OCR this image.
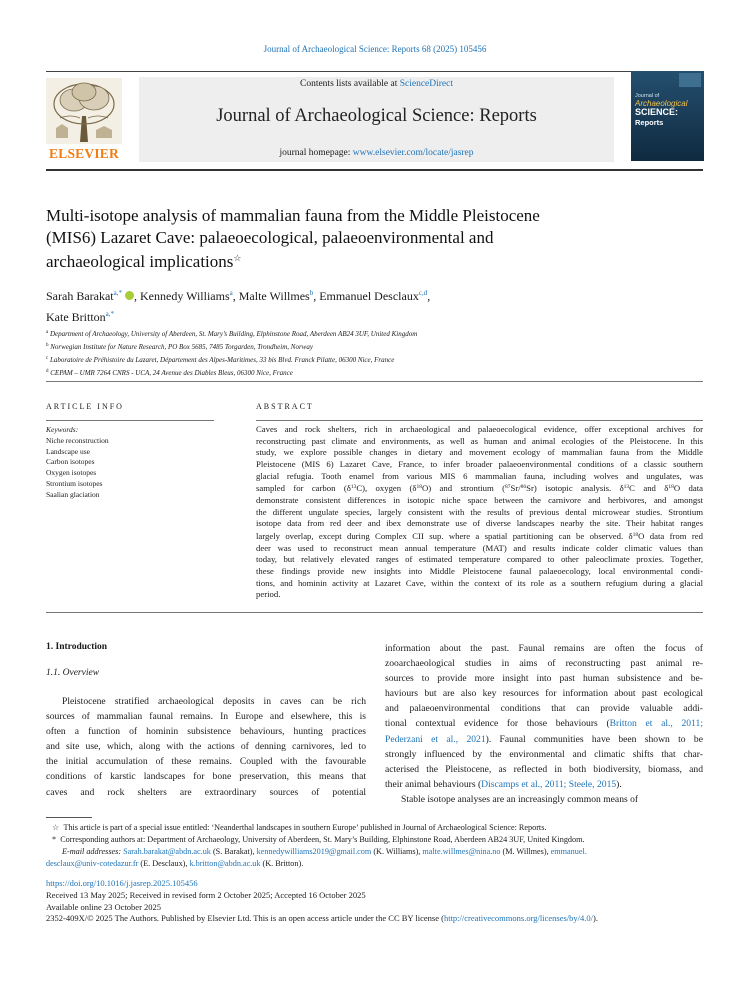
Journal of Archaeological Science: Reports 68 (2025) 105456
ELSEVIER
Contents lists available at ScienceDirect
Journal of Archaeological Science: Reports
journal homepage: www.elsevier.com/locate/jasrep
Journal of
Archaeological
SCIENCE:
Reports
Multi-isotope analysis of mammalian fauna from the Middle Pleistocene
(MIS6) Lazaret Cave: palaeoecological, palaeoenvironmental and
archaeological implications☆
Sarah Barakat$^{a,*}$ , Kennedy Williams$^a$, Malte Willmes$^b$, Emmanuel Desclaux$^{c,d}$,
Kate Britton$^{a,*}$
$^a$ Department of Archaeology, University of Aberdeen, St. Mary’s Building, Elphinstone Road, Aberdeen AB24 3UF, United Kingdom
$^b$ Norwegian Institute for Nature Research, PO Box 5685, 7485 Torgarden, Trondheim, Norway
$^c$ Laboratoire de Préhistoire du Lazaret, Département des Alpes-Maritimes, 33 bis Blvd. Franck Pilatte, 06300 Nice, France
$^d$ CEPAM – UMR 7264 CNRS - UCA, 24 Avenue des Diables Bleus, 06300 Nice, France
ARTICLE INFO	ABSTRACT
Keywords:
Niche reconstruction
Landscape use
Carbon isotopes
Oxygen isotopes
Strontium isotopes
Saalian glaciation
Caves and rock shelters, rich in archaeological and palaeoecological evidence, offer exceptional archives for
reconstructing past climate and environments, as well as human and animal ecologies of the Pleistocene. In this
study, we explore possible changes in dietary and movement ecology of mammalian fauna from the Middle
Pleistocene (MIS 6) Lazaret Cave, France, to infer broader palaeoenvironmental conditions of a classic southern
glacial refugia. Tooth enamel from various MIS 6 mammalian fauna, including wolves and ungulates, was
sampled for carbon $(\delta^{13}C)$, oxygen $(\delta^{18}O)$ and strontium ($^{87}$Sr/$^{86}$Sr) isotopic analysis. $\delta^{13}C$ and $\delta^{18}O$ data
demonstrate consistent differences in isotopic niche space between the carnivore and herbivores, and amongst
the different ungulate species, largely consistent with the results of previous dental microwear studies. Strontium
isotope data from red deer and ibex demonstrate use of diverse landscapes nearby the site. Their habitat ranges
largely overlap, except during Complex CII sup. where a spatial partitioning can be observed. $\delta^{18}O$ data from red
deer was used to reconstruct mean annual temperature (MAT) and results indicate colder climatic values than
today, but relatively elevated ranges of estimated temperature compared to other paleoclimate proxies. Together,
these findings provide new insights into Middle Pleistocene faunal palaeoecology, local environmental condi-
tions, and hominin activity at Lazaret Cave, within the context of its role as a southern refugium during a glacial
period.
1. Introduction
1.1. Overview
Pleistocene stratified archaeological deposits in caves can be rich
sources of mammalian faunal remains. In Europe and elsewhere, this is
often a function of hominin subsistence behaviours, hunting practices
and site use, which, along with the actions of denning carnivores, led to
the initial accumulation of these remains. Coupled with the favourable
conditions of karstic landscapes for bone preservation, this means that
caves and rock shelters are extraordinary sources of potential
information about the past. Faunal remains are often the focus of
zooarchaeological studies in aims of reconstructing past animal re-
sources to provide more insight into past human subsistence and be-
haviours but are also key resources for information about past ecological
and palaeoenvironmental conditions that can provide valuable addi-
tional contextual evidence for those behaviours (Britton et al., 2011;
Pederzani et al., 2021). Faunal communities have been shown to be
strongly influenced by the environmental and climatic shifts that char-
acterised the Pleistocene, as reflected in both biodiversity, biomass, and
their animal behaviours (Discamps et al., 2011; Steele, 2015).
Stable isotope analyses are an increasingly common means of
☆ This article is part of a special issue entitled: ‘Neanderthal landscapes in southern Europe’ published in Journal of Archaeological Science: Reports.
* Corresponding authors at: Department of Archaeology, University of Aberdeen, St. Mary’s Building, Elphinstone Road, Aberdeen AB24 3UF, United Kingdom.
E-mail addresses: Sarah.barakat@abdn.ac.uk (S. Barakat), kennedywilliams2019@gmail.com (K. Williams), malte.willmes@nina.no (M. Willmes), emmanuel.
desclaux@univ-cotedazur.fr (E. Desclaux), k.britton@abdn.ac.uk (K. Britton).
https://doi.org/10.1016/j.jasrep.2025.105456
Received 13 May 2025; Received in revised form 2 October 2025; Accepted 16 October 2025
Available online 23 October 2025
2352-409X/© 2025 The Authors. Published by Elsevier Ltd. This is an open access article under the CC BY license (http://creativecommons.org/licenses/by/4.0/).
